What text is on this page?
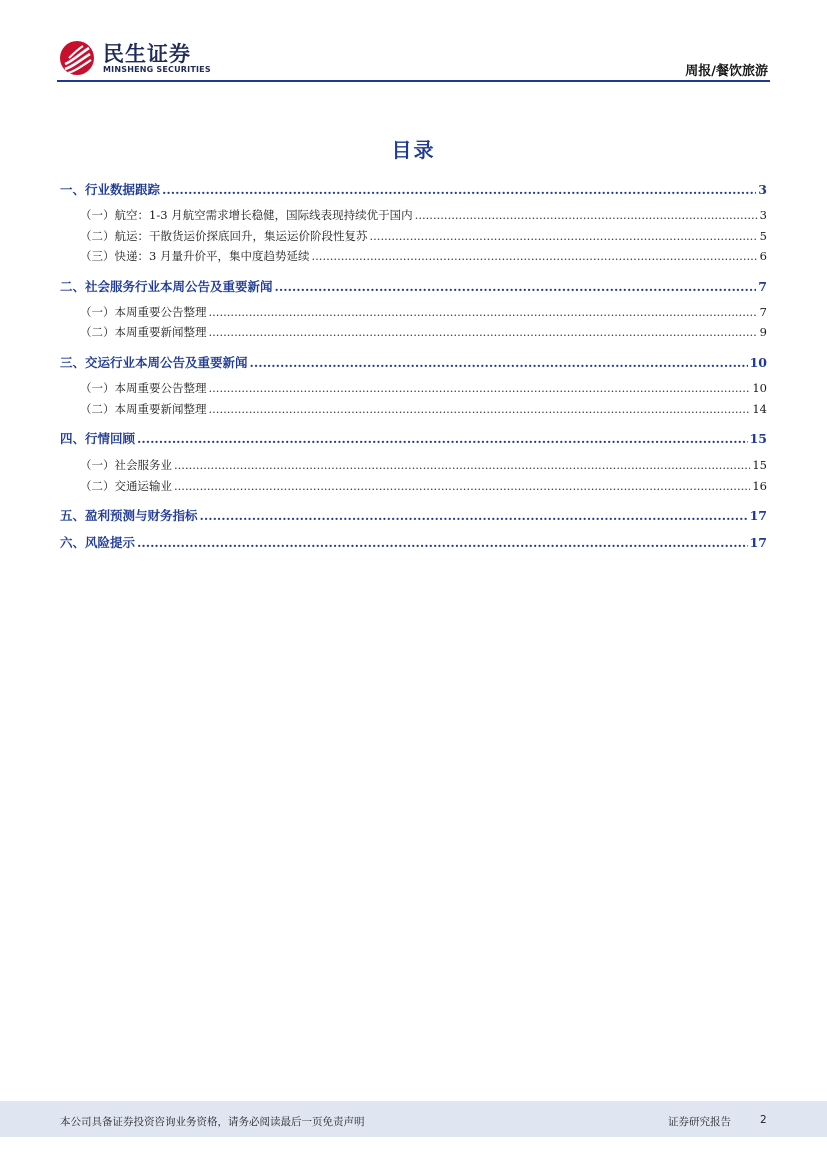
民生证券
MINSHENG SECURITIES	周报/餐饮旅游
目录
一、行业数据跟踪 .....	3
（一）航空：1-3 月航空需求增长稳健，国际线表现持续优于国内 .....	3
（二）航运：干散货运价探底回升，集运运价阶段性复苏 .....	5
（三）快递：3 月量升价平，集中度趋势延续 .....	6
二、社会服务行业本周公告及重要新闻 .....	7
（一）本周重要公告整理 .....	7
（二）本周重要新闻整理 .....	9
三、交运行业本周公告及重要新闻 .....	10
（一）本周重要公告整理 .....	10
（二）本周重要新闻整理 .....	14
四、行情回顾 .....	15
（一）社会服务业 .....	15
（二）交通运输业 .....	16
五、盈利预测与财务指标 .....	17
六、风险提示 .....	17
本公司具备证券投资咨询业务资格，请务必阅读最后一页免责声明	证券研究报告	2
